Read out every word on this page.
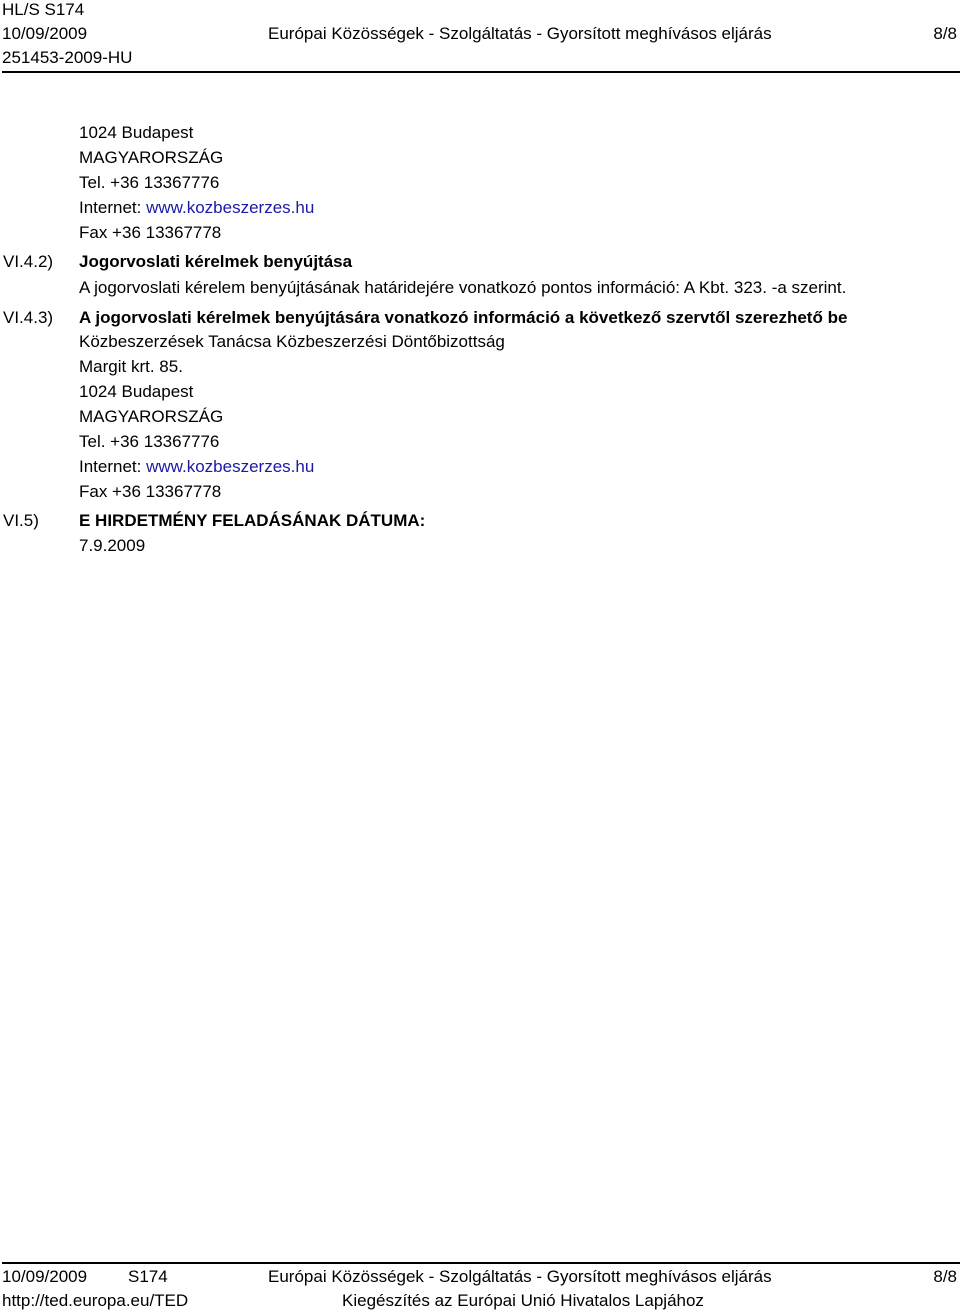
HL/S S174
10/09/2009
251453-2009-HU
Európai Közösségek - Szolgáltatás - Gyorsított meghívásos eljárás	8/8
1024 Budapest
MAGYARORSZÁG
Tel. +36 13367776
Internet: www.kozbeszerzes.hu
Fax +36 13367778
VI.4.2) Jogorvoslati kérelmek benyújtása
A jogorvoslati kérelem benyújtásának határidejére vonatkozó pontos információ: A Kbt. 323. -a szerint.
VI.4.3) A jogorvoslati kérelmek benyújtására vonatkozó információ a következő szervtől szerezhető be
Közbeszerzések Tanácsa Közbeszerzési Döntőbizottság
Margit krt. 85.
1024 Budapest
MAGYARORSZÁG
Tel. +36 13367776
Internet: www.kozbeszerzes.hu
Fax +36 13367778
VI.5) E HIRDETMÉNY FELADÁSÁNAK DÁTUMA:
7.9.2009
10/09/2009 S174	Európai Közösségek - Szolgáltatás - Gyorsított meghívásos eljárás	8/8
http://ted.europa.eu/TED	Kiegészítés az Európai Unió Hivatalos Lapjához
